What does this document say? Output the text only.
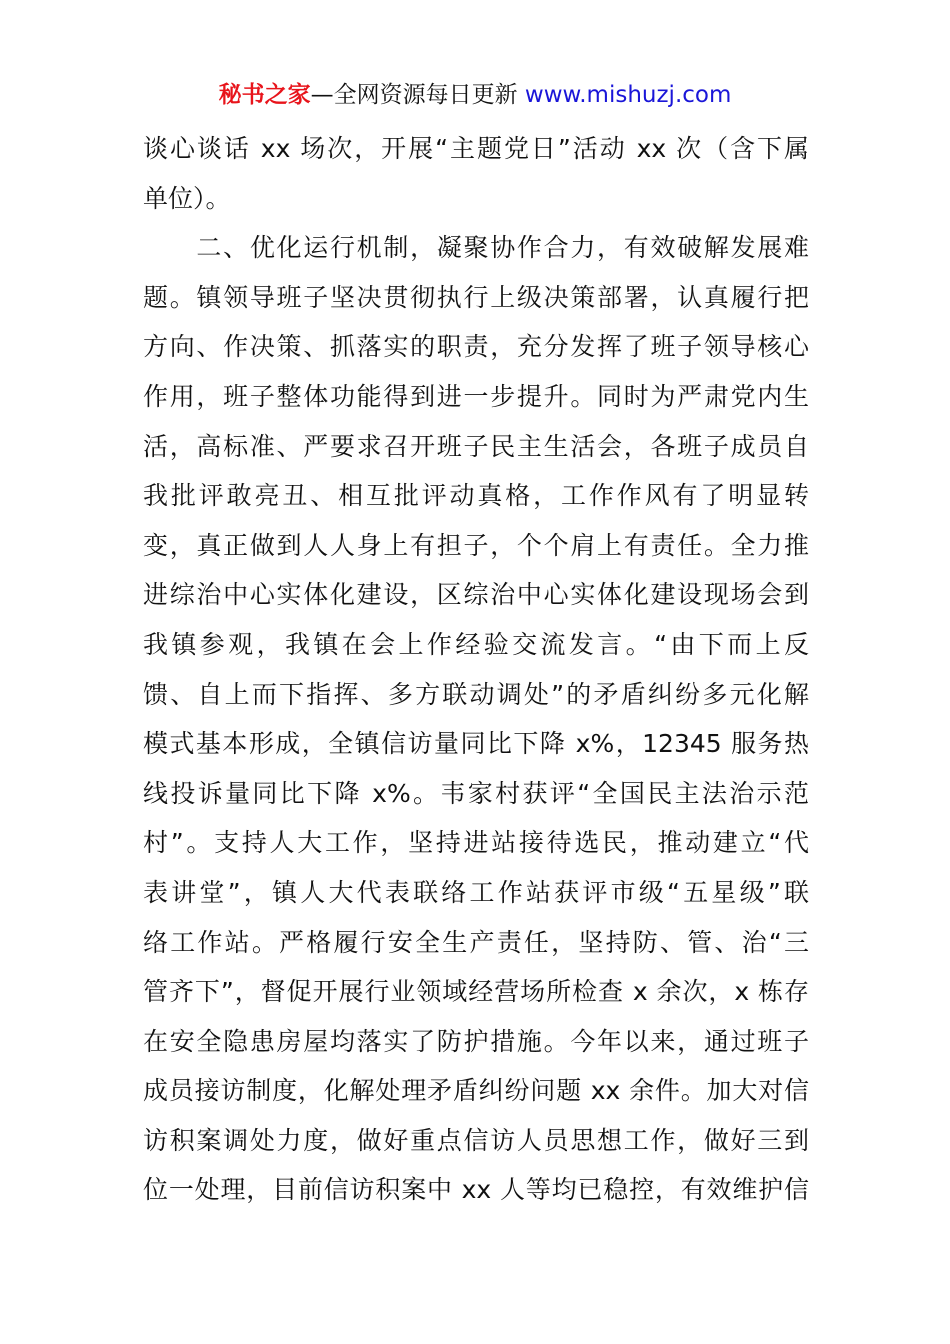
秘书之家—全网资源每日更新 www.mishuzj.com
谈心谈话 xx 场次，开展“主题党日”活动 xx 次（含下属
单位）。
　　二、优化运行机制，凝聚协作合力，有效破解发展难
题。镇领导班子坚决贯彻执行上级决策部署，认真履行把
方向、作决策、抓落实的职责，充分发挥了班子领导核心
作用，班子整体功能得到进一步提升。同时为严肃党内生
活，高标准、严要求召开班子民主生活会，各班子成员自
我批评敢亮丑、相互批评动真格，工作作风有了明显转
变，真正做到人人身上有担子，个个肩上有责任。全力推
进综治中心实体化建设，区综治中心实体化建设现场会到
我镇参观，我镇在会上作经验交流发言。“由下而上反
馈、自上而下指挥、多方联动调处”的矛盾纠纷多元化解
模式基本形成，全镇信访量同比下降 x%，12345 服务热
线投诉量同比下降 x%。韦家村获评“全国民主法治示范
村”。支持人大工作，坚持进站接待选民，推动建立“代
表讲堂”，镇人大代表联络工作站获评市级“五星级”联
络工作站。严格履行安全生产责任，坚持防、管、治“三
管齐下”，督促开展行业领域经营场所检查 x 余次，x 栋存
在安全隐患房屋均落实了防护措施。今年以来，通过班子
成员接访制度，化解处理矛盾纠纷问题 xx 余件。加大对信
访积案调处力度，做好重点信访人员思想工作，做好三到
位一处理，目前信访积案中 xx 人等均已稳控，有效维护信
